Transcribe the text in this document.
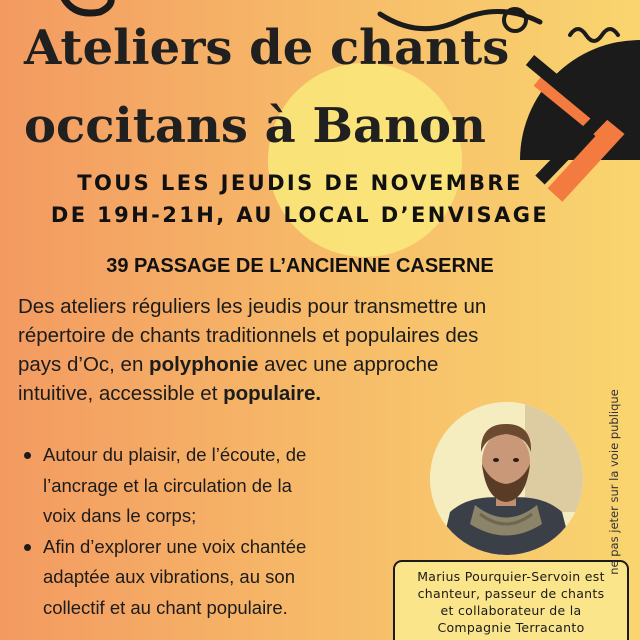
Ateliers de chants
occitans à Banon
TOUS LES JEUDIS DE NOVEMBRE
DE 19H-21H, AU LOCAL D’ENVISAGE
39 PASSAGE DE L’ANCIENNE CASERNE
Des ateliers réguliers les jeudis pour transmettre un
répertoire de chants traditionnels et populaires des
pays d’Oc, en polyphonie avec une approche
intuitive, accessible et populaire.
Autour du plaisir, de l’écoute, de
l’ancrage et la circulation de la
voix dans le corps;
Afin d’explorer une voix chantée
adaptée aux vibrations, au son
collectif et au chant populaire.
Marius Pourquier-Servoin est
chanteur, passeur de chants
et collaborateur de la
Compagnie Terracanto
ne pas jeter sur la voie publique
